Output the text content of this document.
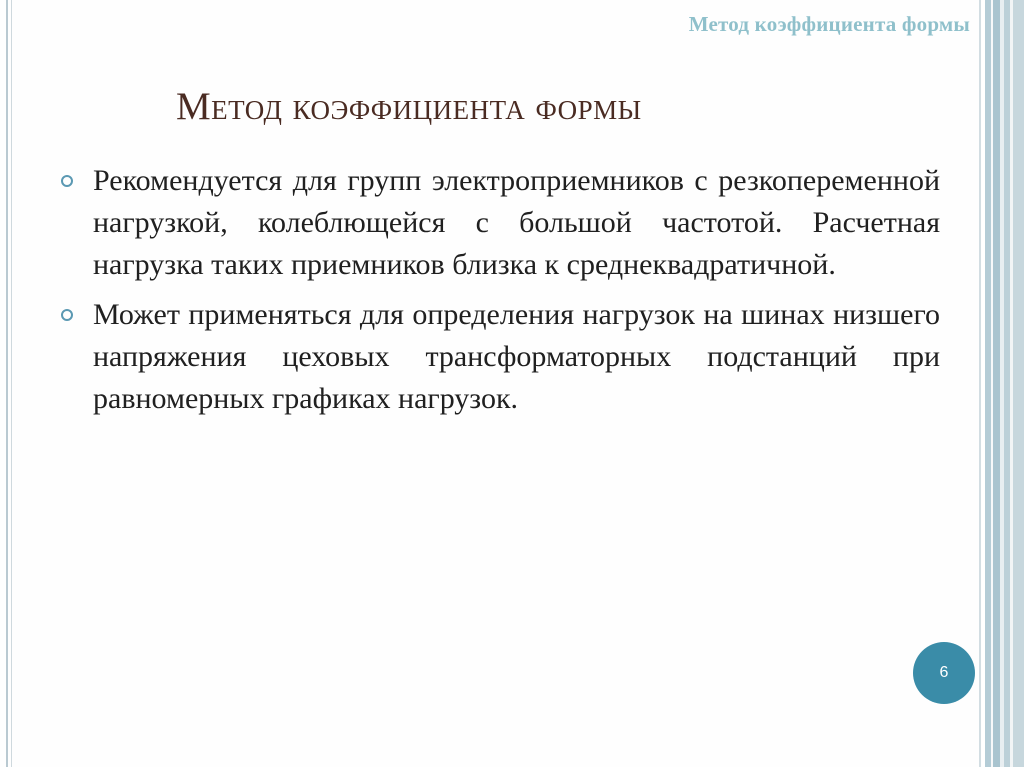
Метод коэффициента формы
Метод коэффициента формы
Рекомендуется для групп электроприемников с резкопеременной нагрузкой, колеблющейся с большой частотой. Расчетная нагрузка таких приемников близка к среднеквадратичной.
Может применяться для определения нагрузок на шинах низшего напряжения цеховых трансформаторных подстанций при равномерных графиках нагрузок.
6
